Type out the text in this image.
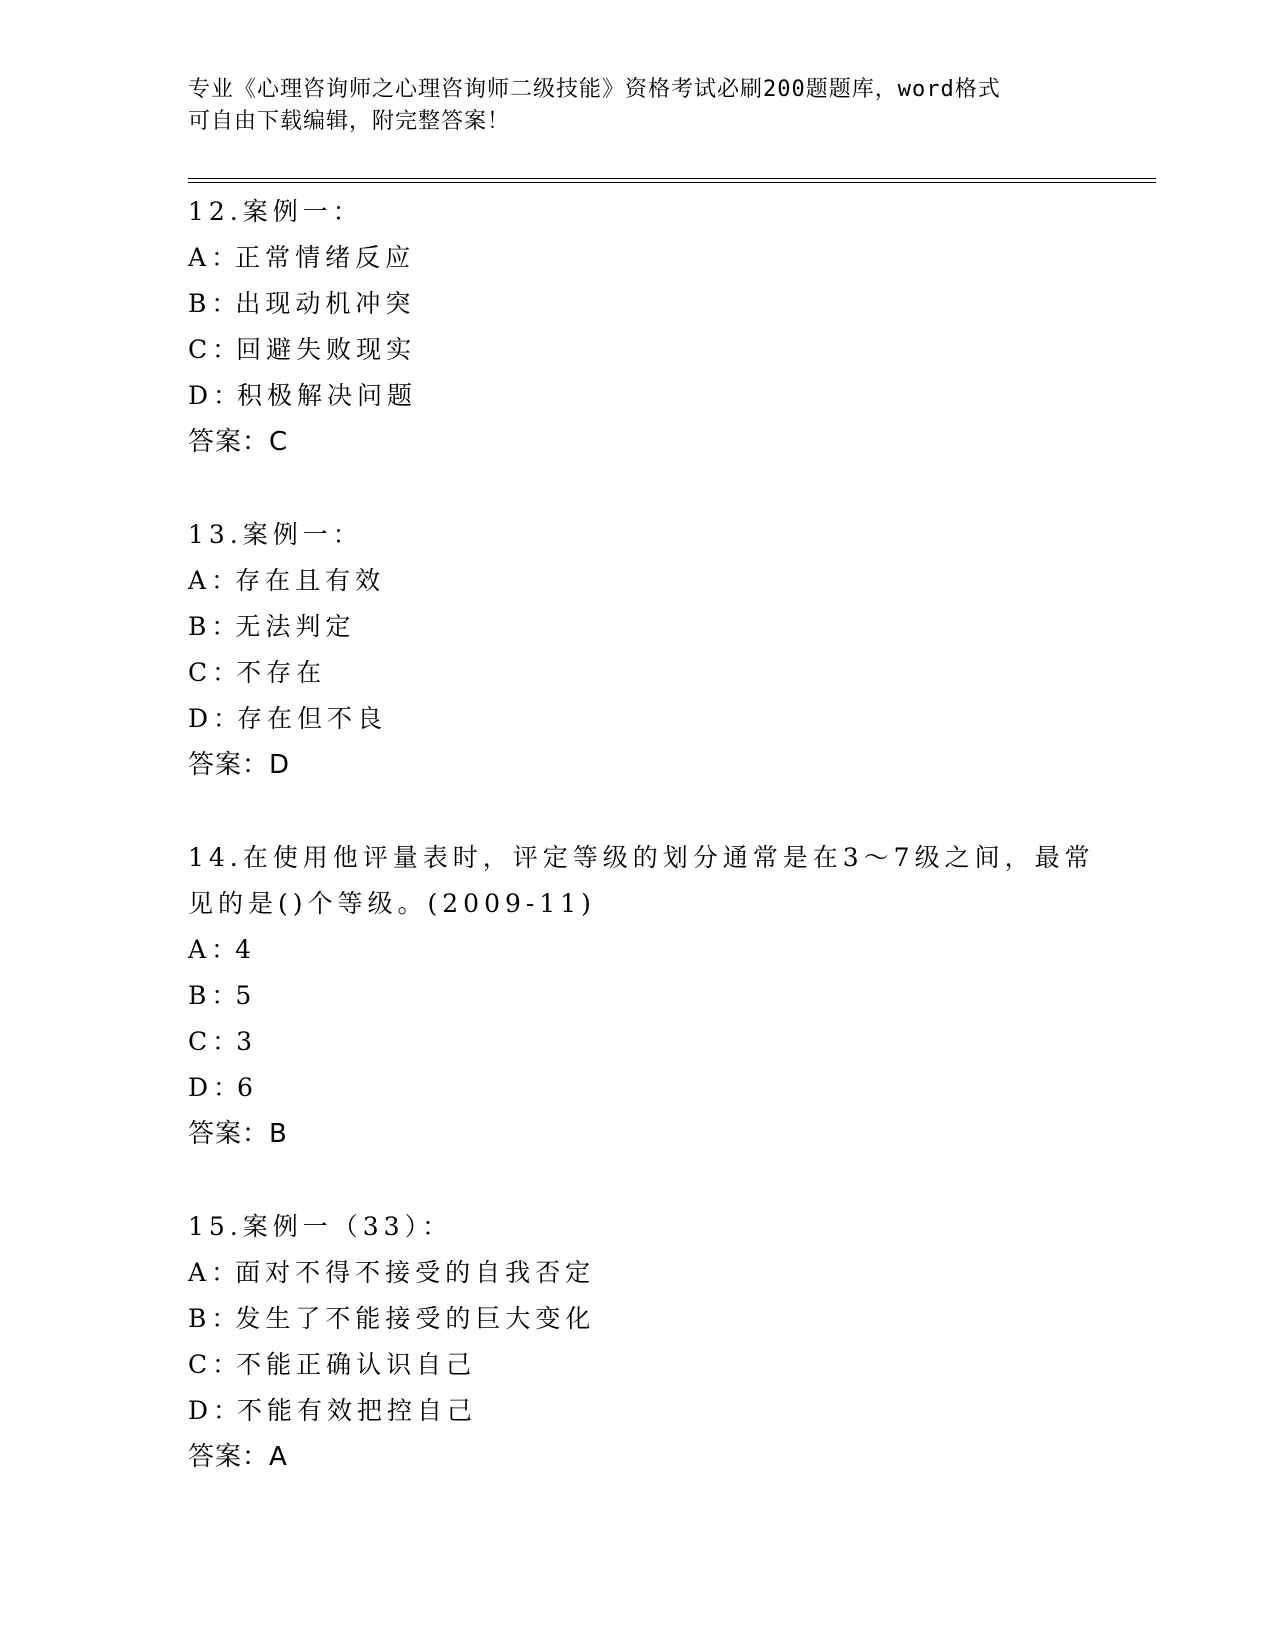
专业《心理咨询师之心理咨询师二级技能》资格考试必刷200题题库，word格式
可自由下载编辑，附完整答案！
12.案例一：
A：正常情绪反应
B：出现动机冲突
C：回避失败现实
D：积极解决问题
答案：C
13.案例一：
A：存在且有效
B：无法判定
C：不存在
D：存在但不良
答案：D
14.在使用他评量表时，评定等级的划分通常是在3～7级之间，最常
见的是()个等级。(2009-11)
A：4
B：5
C：3
D：6
答案：B
15.案例一（33）：
A：面对不得不接受的自我否定
B：发生了不能接受的巨大变化
C：不能正确认识自己
D：不能有效把控自己
答案：A
